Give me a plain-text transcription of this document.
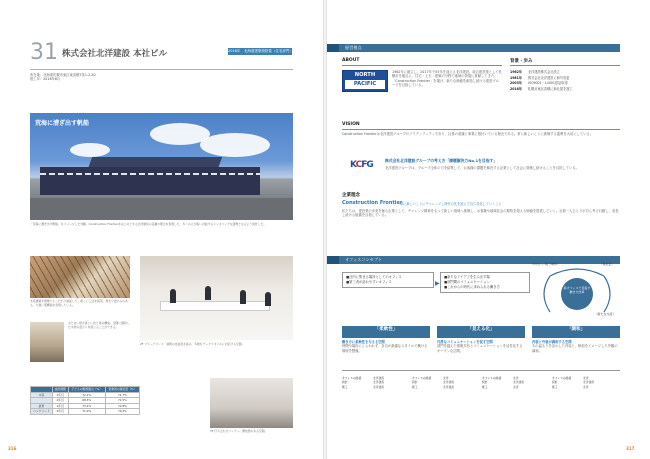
31 株式会社北洋建設 本社ビル	2016年　北海道建築奨励賞（住宅部門）
所在地：北海道札幌市東区東苗穂7条1-2-20
竣工年：2016年6月
荒海に漕ぎ出す帆船
「荒海に漕ぎ出す帆船」をイメージした外観。Construction Frontierをはじめとする北洋建設の意識や理念を表現した、多くの人が集い対話するシンボリックな建物となるよう設計した。
木造建築を現場でもこだわり検証して、新しい工法を採用。骨太で温かみのある、力強い架構美を表現している。
木と白い壁が美しい柱と梁の構成。空間に調和した木材の温もりを感じることができる。
2F フリーアドレス・執務の自由度を高め、多様なワークスタイルに対応する空間。
	成約期間	子どもの相談割合（%）	従業員の満足度（%）
木造	1年目	72.1%	71.7%
	2年目	68.3%	71.5%
鉄骨	1年目	73.2%	72.8%
コンクリート	2年目	71.0%	70.3%
3F 打ち合わせコーナー。開放感のある空間。
316
経営視点
ABOUT
NORTH
PACIFIC
1962年に創立し、2017年で55年を迎える北洋建設。総合建設業として札幌市を拠点に、住宅・土木・建築の分野で地域の発展に貢献してきた。「Construction Frontier」を掲げ、新たな価値を創造し続ける建設グループを目指している。
背景・歩み
1962年	北洋建設株式会社設立
1981年	株式会社北洋建設に商号変更
2003年	ISO9001・14001認証取得
2016年	札幌市東区苗穂に新社屋を竣工
VISION
Construction Frontierは北洋建設グループのアイデンティティであり、社員の意識と事業に根付いている理念である。常に新しいことに挑戦する姿勢を大切にしている。
KCFG	株式会社北洋建設グループの考え方「課題解決力No.1を目指す」
北洋建設グループは、グループ全体の力を結集して、お客様の課題を解決する企業として社会に貢献し続けることを目指している。
企業理念
Construction Frontier
常に新しいことにチャレンジし時代の先を読んで自ら変化していくこと
私たちは、建設業の未来を創る企業として、チャレンジ精神をもって新しい領域へ挑戦し、お客様や地域社会の期待を超える価値を提供していく。社員一人ひとりが自ら考え行動し、成長し続ける組織を目指している。
オフィスコンセプト
■社内に集まる場所としてのオフィス
■第三者が訪れやすいオフィス	▶
■新たなアイデアを生み出す場
■部門間のコミュニケーション
■これからの時代に求められる働き方
〈かわいい集う場所〉	〈集社会〉
〈新たな交流〉
新オフィスで目指す働き方改革
「柔軟性」
働き方に柔軟性を与える空間
時間や場所にとらわれず、各自が最適なスタイルで働ける環境を整備。
「見える化」
円滑なコミュニケーションを促す空間
部門を越えた情報共有とコミュニケーションを活性化するオープンな空間。
「調和」
内装と外装が調和する空間
木の温もりを活かした内装と、帆船をイメージした外観の調和。
オフィスの総括	北洋建設
設計	北洋建設
施工	北洋建設
オフィスの総括	北洋
設計	北洋建設
施工	北洋建設
オフィスの総括	北洋
設計	北洋建設
施工	北洋
オフィスの総括	北洋
設計	北洋建設
施工	北洋
317
